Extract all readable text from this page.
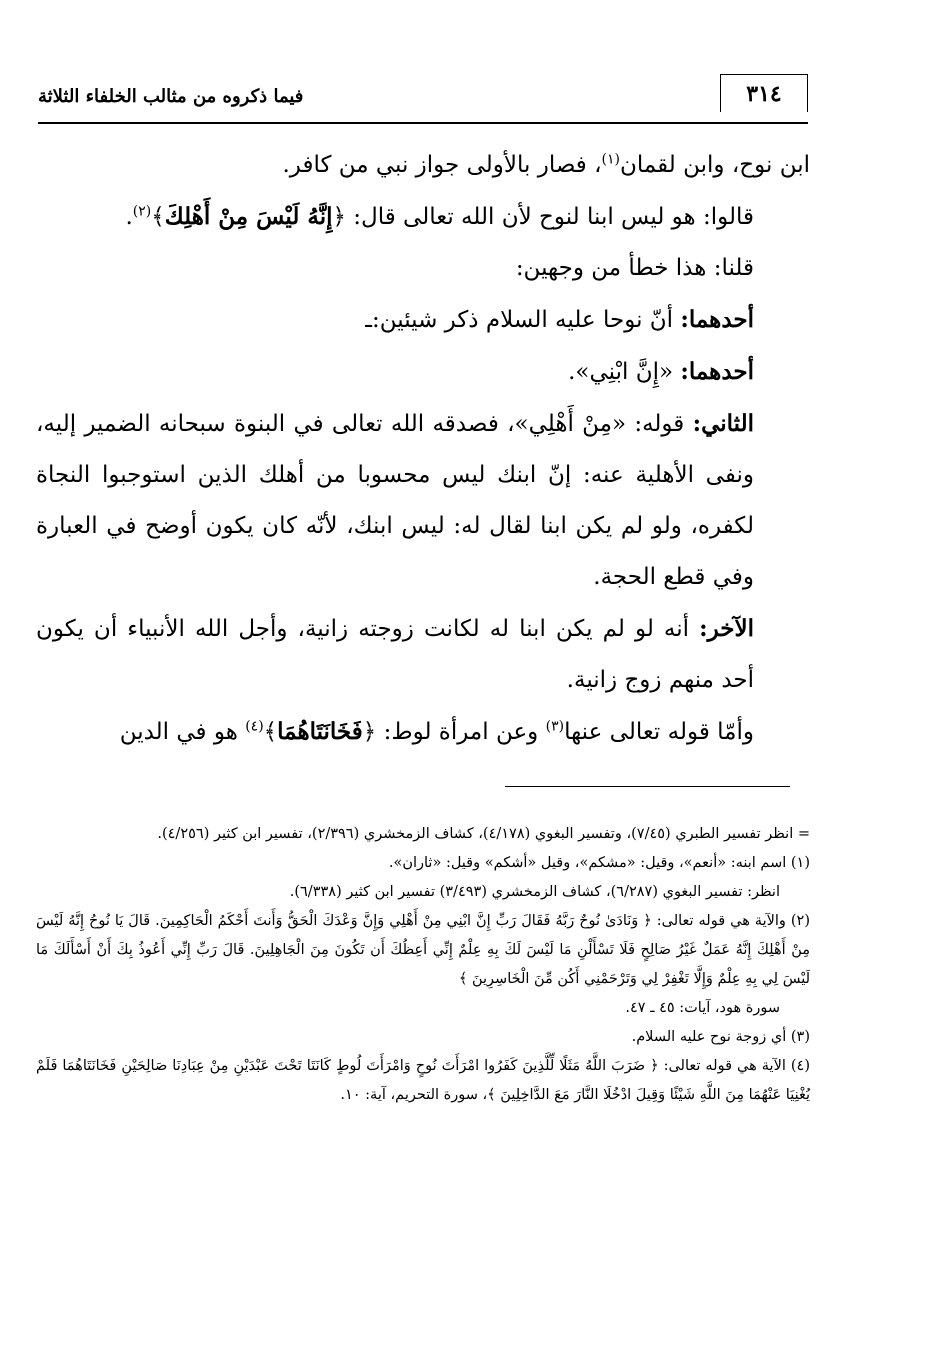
٣١٤
فيما ذكروه من مثالب الخلفاء الثلاثة

ابن نوح، وابن لقمان$^{(١)}$، فصار بالأولى جواز نبي من كافر.

قالوا: هو ليس ابنا لنوح لأن الله تعالى قال: ﴿إِنَّهُ لَيْسَ مِنْ أَهْلِكَ﴾$^{(٢)}$.

قلنا: هذا خطأ من وجهين:

أحدهما: أنّ نوحا عليه السلام ذكر شيئين:ـ

أحدهما: «إِنَّ ابْنِي».

الثاني: قوله: «مِنْ أَهْلِي»، فصدقه الله تعالى في البنوة سبحانه الضمير إليه، ونفى الأهلية عنه: إنّ ابنك ليس محسوبا من أهلك الذين استوجبوا النجاة لكفره، ولو لم يكن ابنا لقال له: ليس ابنك، لأنّه كان يكون أوضح في العبارة وفي قطع الحجة.

الآخر: أنه لو لم يكن ابنا له لكانت زوجته زانية، وأجل الله الأنبياء أن يكون أحد منهم زوج زانية.

وأمّا قوله تعالى عنها$^{(٣)}$ وعن امرأة لوط: ﴿فَخَانَتَاهُمَا﴾$^{(٤)}$ هو في الدين

= انظر تفسير الطبري (٧/٤٥)، وتفسير البغوي (٤/١٧٨)، كشاف الزمخشري (٢/٣٩٦)، تفسير ابن كثير (٤/٢٥٦).

(١) اسم ابنه: «أنعم»، وقيل: «مشكم»، وقيل «أشكم» وقيل: «ثاران».

انظر: تفسير البغوي (٦/٢٨٧)، كشاف الزمخشري (٣/٤٩٣) تفسير ابن كثير (٦/٣٣٨).

(٢) والآية هي قوله تعالى: ﴿ وَنَادَىٰ نُوحٌ رَبَّهُ فَقَالَ رَبِّ إِنَّ ابْنِي مِنْ أَهْلِي وَإِنَّ وَعْدَكَ الْحَقُّ وَأَنتَ أَحْكَمُ الْحَاكِمِينَ. قَالَ يَا نُوحُ إِنَّهُ لَيْسَ مِنْ أَهْلِكَ إِنَّهُ عَمَلٌ غَيْرُ صَالِحٍ فَلَا تَسْأَلْنِ مَا لَيْسَ لَكَ بِهِ عِلْمٌ إِنِّي أَعِظُكَ أَن تَكُونَ مِنَ الْجَاهِلِينَ. قَالَ رَبِّ إِنِّي أَعُوذُ بِكَ أَنْ أَسْأَلَكَ مَا لَيْسَ لِي بِهِ عِلْمٌ وَإِلَّا تَغْفِرْ لِي وَتَرْحَمْنِي أَكُن مِّنَ الْخَاسِرِينَ ﴾

سورة هود، آيات: ٤٥ ـ ٤٧.

(٣) أي زوجة نوح عليه السلام.

(٤) الآية هي قوله تعالى: ﴿ ضَرَبَ اللَّهُ مَثَلًا لِّلَّذِينَ كَفَرُوا امْرَأَتَ نُوحٍ وَامْرَأَتَ لُوطٍ كَانَتَا تَحْتَ عَبْدَيْنِ مِنْ عِبَادِنَا صَالِحَيْنِ فَخَانَتَاهُمَا فَلَمْ يُغْنِيَا عَنْهُمَا مِنَ اللَّهِ شَيْئًا وَقِيلَ ادْخُلَا النَّارَ مَعَ الدَّاخِلِينَ ﴾، سورة التحريم، آية: ١٠.
